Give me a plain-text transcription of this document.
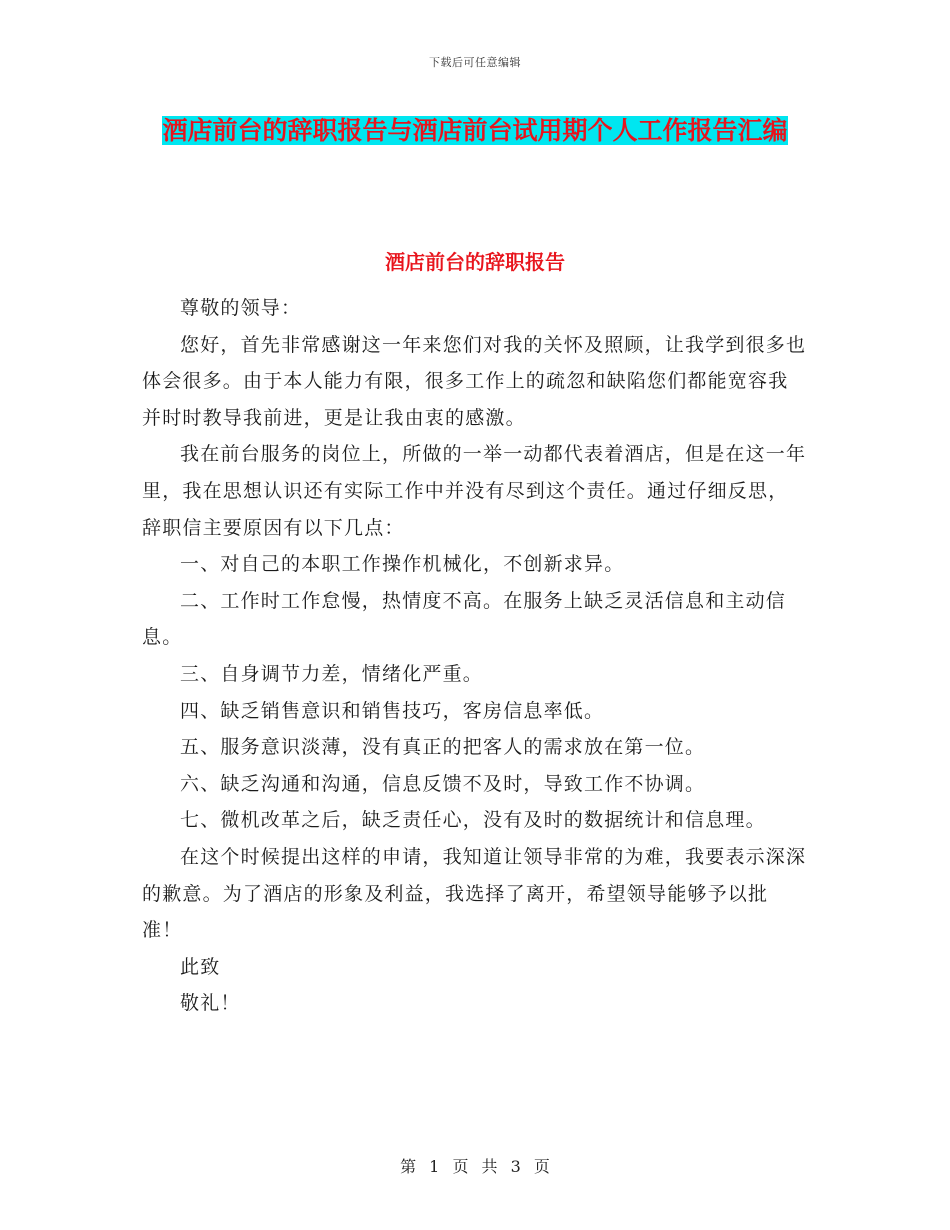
下载后可任意编辑
酒店前台的辞职报告与酒店前台试用期个人工作报告汇编
酒店前台的辞职报告

尊敬的领导：

您好，首先非常感谢这一年来您们对我的关怀及照顾，让我学到很多也体会很多。由于本人能力有限，很多工作上的疏忽和缺陷您们都能宽容我并时时教导我前进，更是让我由衷的感激。

我在前台服务的岗位上，所做的一举一动都代表着酒店，但是在这一年里，我在思想认识还有实际工作中并没有尽到这个责任。通过仔细反思，辞职信主要原因有以下几点：

一、对自己的本职工作操作机械化，不创新求异。

二、工作时工作怠慢，热情度不高。在服务上缺乏灵活信息和主动信息。

三、自身调节力差，情绪化严重。

四、缺乏销售意识和销售技巧，客房信息率低。

五、服务意识淡薄，没有真正的把客人的需求放在第一位。

六、缺乏沟通和沟通，信息反馈不及时，导致工作不协调。

七、微机改革之后，缺乏责任心，没有及时的数据统计和信息理。

在这个时候提出这样的申请，我知道让领导非常的为难，我要表示深深的歉意。为了酒店的形象及利益，我选择了离开，希望领导能够予以批准！

此致

敬礼！

第 1 页 共 3 页
